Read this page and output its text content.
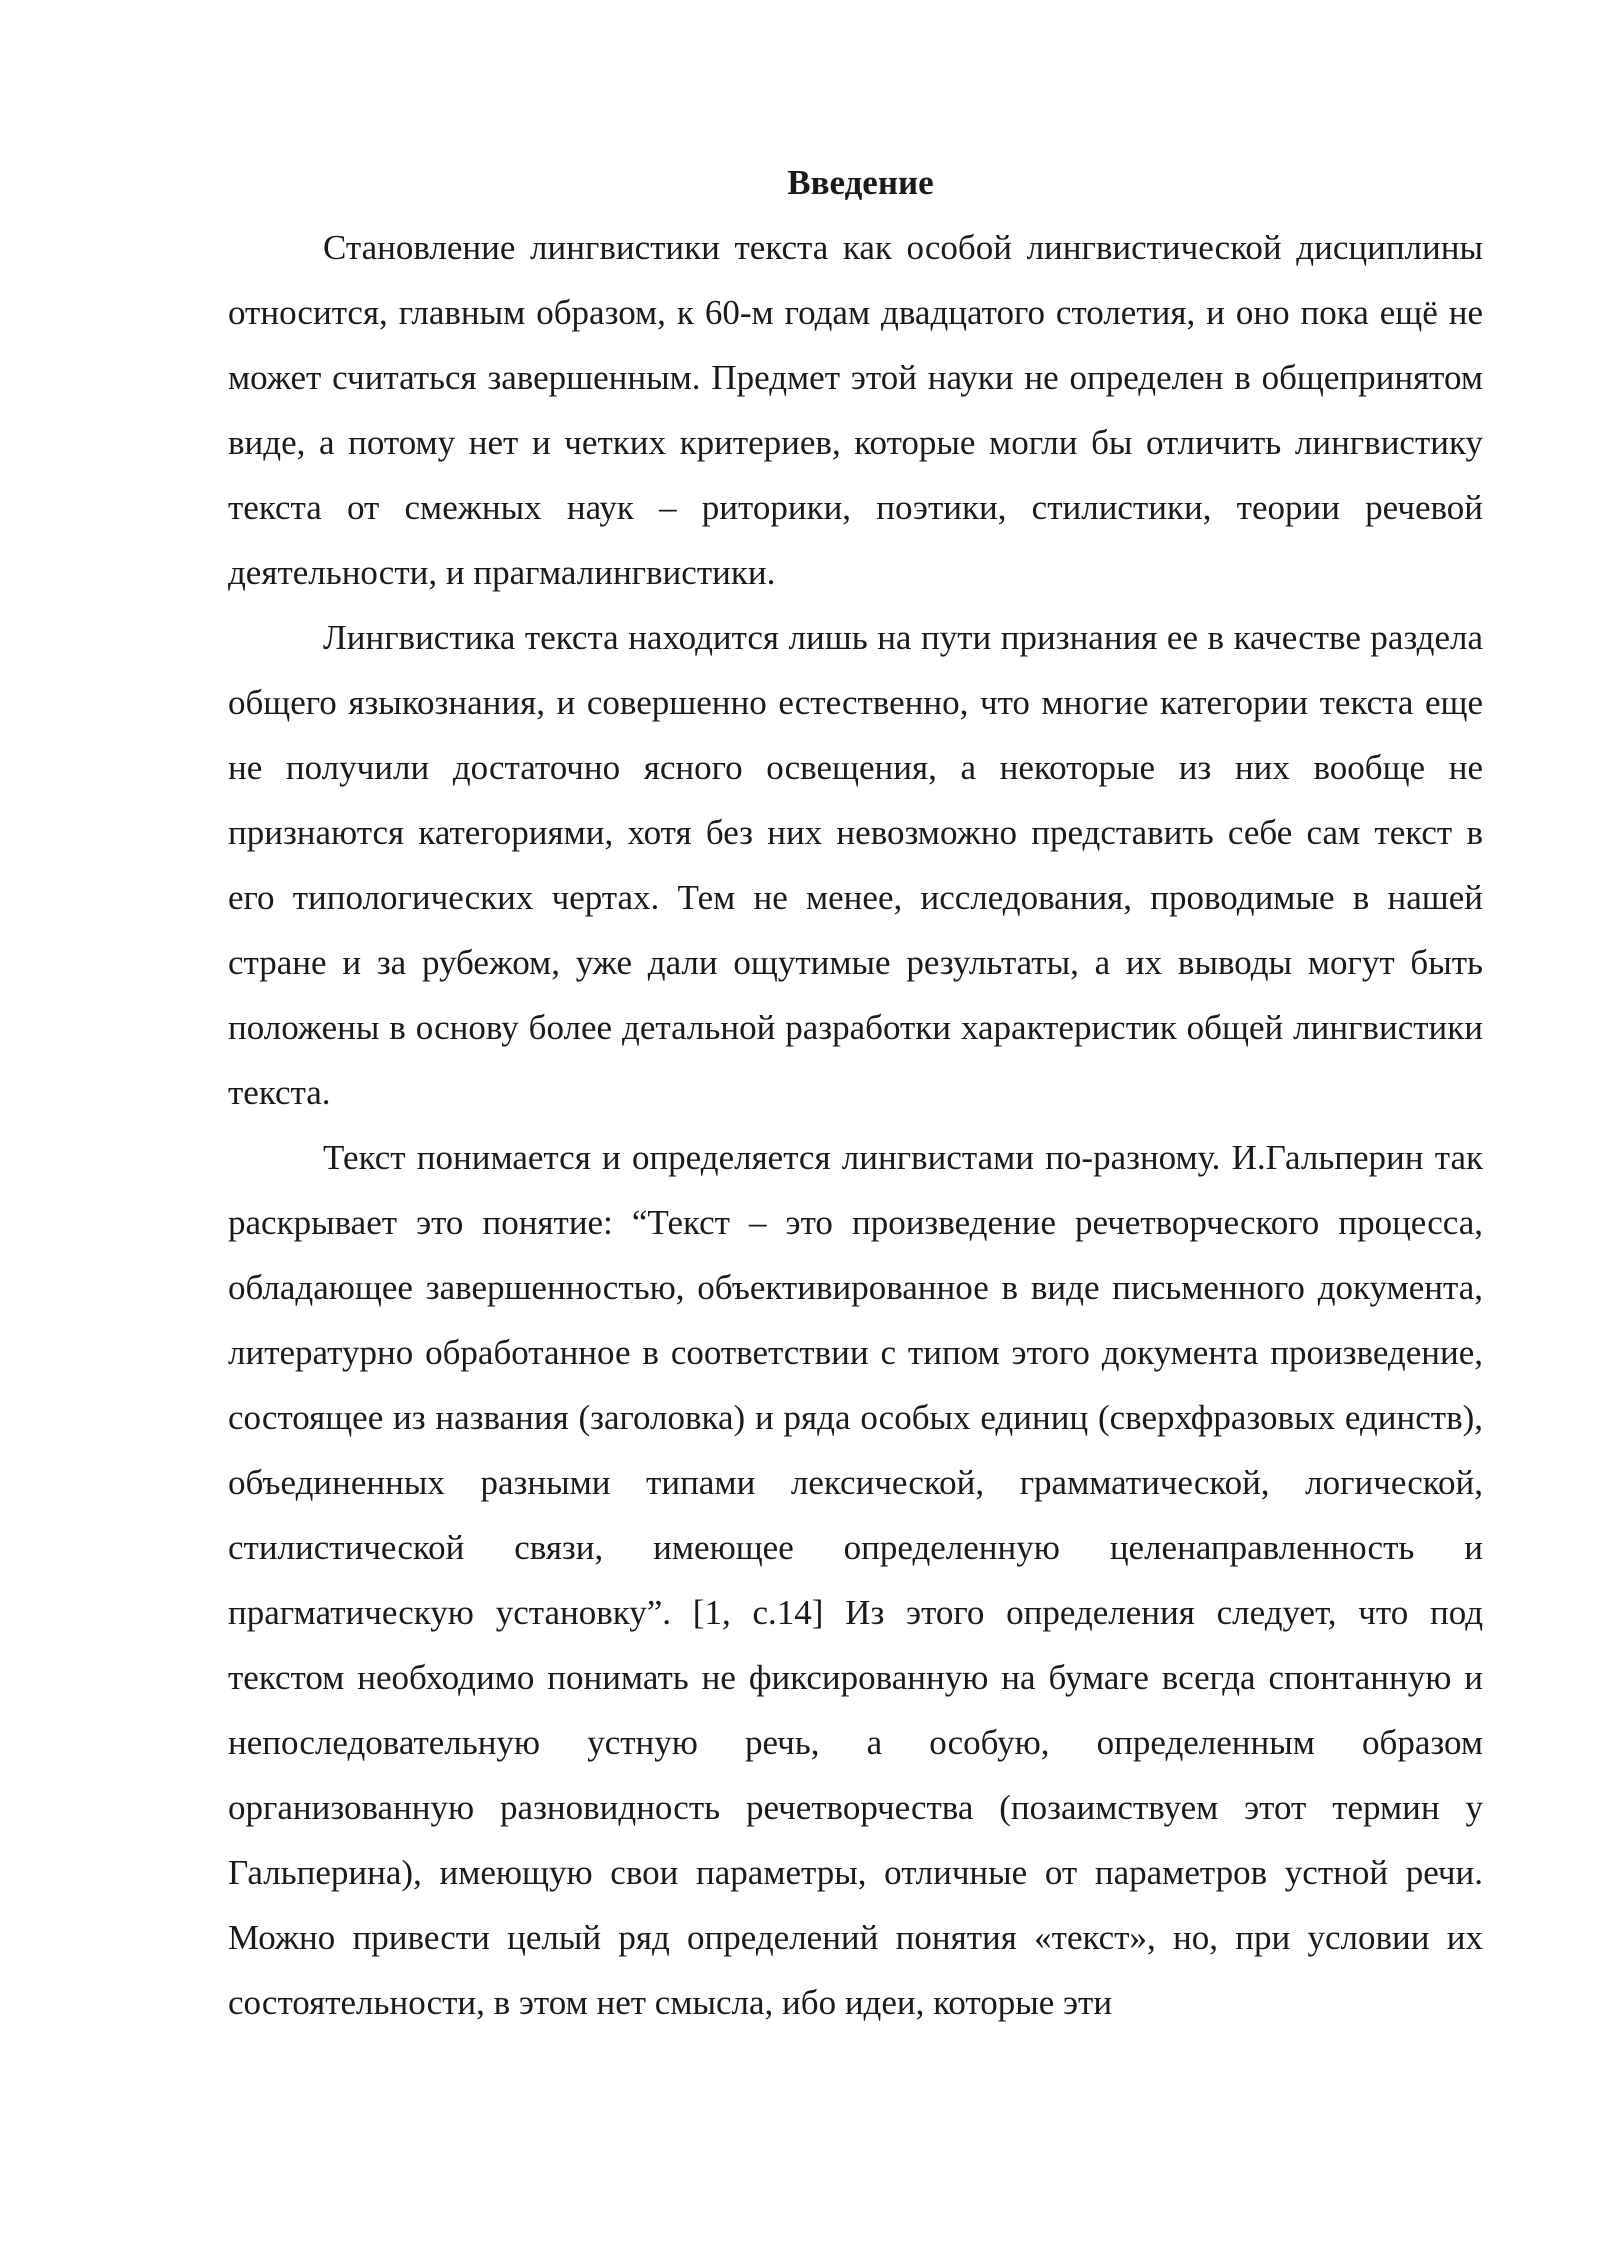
Введение

Становление лингвистики текста как особой лингвистической дисциплины относится, главным образом, к 60-м годам двадцатого столетия, и оно пока ещё не может считаться завершенным. Предмет этой науки не определен в общепринятом виде, а потому нет и четких критериев, которые могли бы отличить лингвистику текста от смежных наук – риторики, поэтики, стилистики, теории речевой деятельности, и прагмалингвистики.

Лингвистика текста находится лишь на пути признания ее в качестве раздела общего языкознания, и совершенно естественно, что многие категории текста еще не получили достаточно ясного освещения, а некоторые из них вообще не признаются категориями, хотя без них невозможно представить себе сам текст в его типологических чертах. Тем не менее, исследования, проводимые в нашей стране и за рубежом, уже дали ощутимые результаты, а их выводы могут быть положены в основу более детальной разработки характеристик общей лингвистики текста.

Текст понимается и определяется лингвистами по-разному. И.Гальперин так раскрывает это понятие: “Текст – это произведение речетворческого процесса, обладающее завершенностью, объективированное в виде письменного документа, литературно обработанное в соответствии с типом этого документа произведение, состоящее из названия (заголовка) и ряда особых единиц (сверхфразовых единств), объединенных разными типами лексической, грамматической, логической, стилистической связи, имеющее определенную целенаправленность и прагматическую установку”. [1, с.14] Из этого определения следует, что под текстом необходимо понимать не фиксированную на бумаге всегда спонтанную и непоследовательную устную речь, а особую, определенным образом организованную разновидность речетворчества (позаимствуем этот термин у Гальперина), имеющую свои параметры, отличные от параметров устной речи. Можно привести целый ряд определений понятия «текст», но, при условии их состоятельности, в этом нет смысла, ибо идеи, которые эти
